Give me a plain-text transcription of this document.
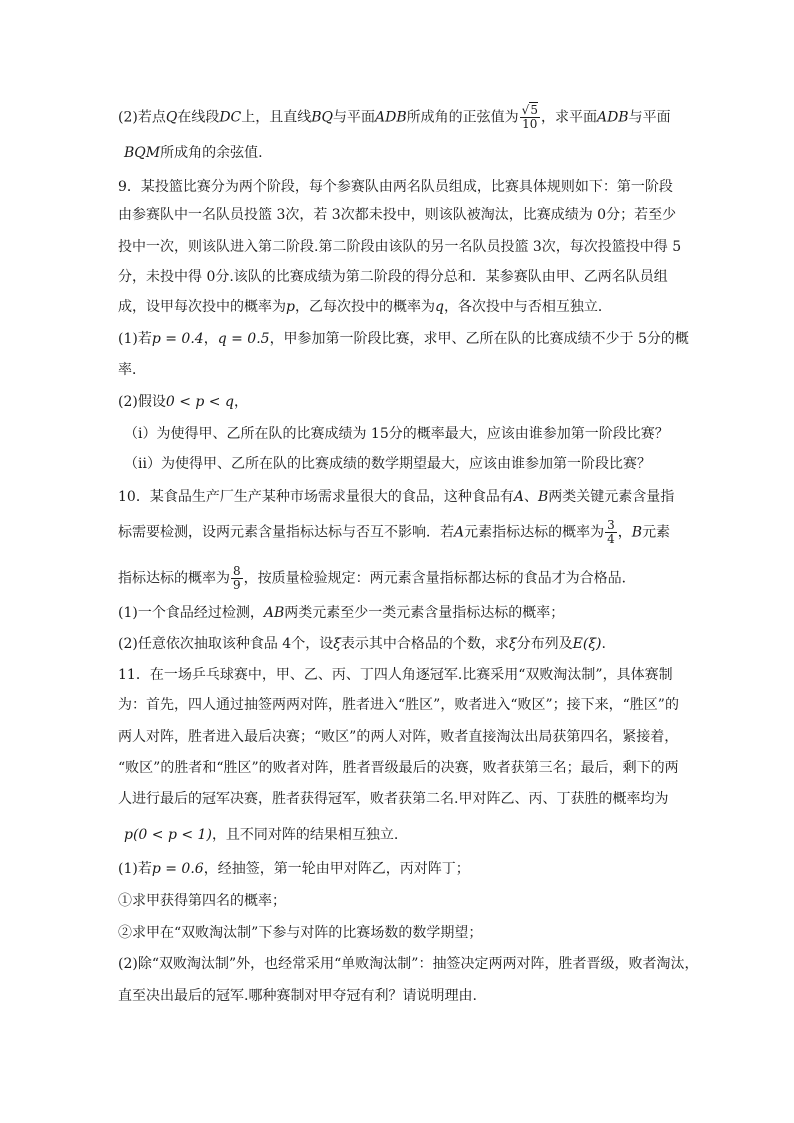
(2)若点Q在线段DC上，且直线BQ与平面ADB所成角的正弦值为 $\frac{√5}{10}$ ，求平面ADB与平面
BQM所成角的余弦值.
9．某投篮比赛分为两个阶段，每个参赛队由两名队员组成，比赛具体规则如下：第一阶段
由参赛队中一名队员投篮 3次，若 3次都未投中，则该队被淘汰，比赛成绩为 0分；若至少
投中一次，则该队进入第二阶段.第二阶段由该队的另一名队员投篮 3次，每次投篮投中得 5
分，未投中得 0分.该队的比赛成绩为第二阶段的得分总和．某参赛队由甲、乙两名队员组
成，设甲每次投中的概率为p，乙每次投中的概率为q，各次投中与否相互独立．
(1)若p = 0.4，q = 0.5，甲参加第一阶段比赛，求甲、乙所在队的比赛成绩不少于 5分的概
率．
(2)假设0 < p < q，
（i）为使得甲、乙所在队的比赛成绩为 15分的概率最大，应该由谁参加第一阶段比赛？
（ii）为使得甲、乙所在队的比赛成绩的数学期望最大，应该由谁参加第一阶段比赛？
10．某食品生产厂生产某种市场需求量很大的食品，这种食品有A、B两类关键元素含量指
标需要检测，设两元素含量指标达标与否互不影响．若A元素指标达标的概率为 $\frac{3}{4}$ ，B元素
指标达标的概率为 $\frac{8}{9}$ ，按质量检验规定：两元素含量指标都达标的食品才为合格品．
(1)一个食品经过检测，AB两类元素至少一类元素含量指标达标的概率；
(2)任意依次抽取该种食品 4个，设ξ表示其中合格品的个数，求ξ分布列及E(ξ).
11．在一场乒乓球赛中，甲、乙、丙、丁四人角逐冠军.比赛采用“双败淘汰制”，具体赛制
为：首先，四人通过抽签两两对阵，胜者进入“胜区”，败者进入“败区”；接下来，“胜区”的
两人对阵，胜者进入最后决赛；“败区”的两人对阵，败者直接淘汰出局获第四名，紧接着，
“败区”的胜者和“胜区”的败者对阵，胜者晋级最后的决赛，败者获第三名；最后，剩下的两
人进行最后的冠军决赛，胜者获得冠军，败者获第二名.甲对阵乙、丙、丁获胜的概率均为
p(0 < p < 1)，且不同对阵的结果相互独立.
(1)若p = 0.6，经抽签，第一轮由甲对阵乙，丙对阵丁；
①求甲获得第四名的概率；
②求甲在“双败淘汰制”下参与对阵的比赛场数的数学期望；
(2)除“双败淘汰制”外，也经常采用“单败淘汰制”：抽签决定两两对阵，胜者晋级，败者淘汰，
直至决出最后的冠军.哪种赛制对甲夺冠有利？请说明理由.
